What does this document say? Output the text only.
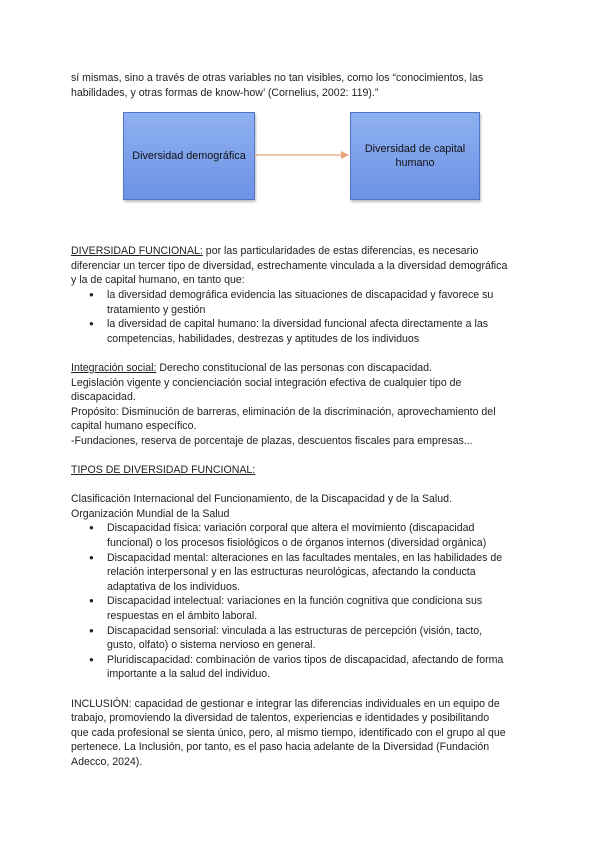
sí mismas, sino a través de otras variables no tan visibles, como los “conocimientos, las

habilidades, y otras formas de know-how’ (Cornelius, 2002: 119).”

Diversidad demográfica
Diversidad de capital
humano

DIVERSIDAD FUNCIONAL: por las particularidades de estas diferencias, es necesario

diferenciar un tercer tipo de diversidad, estrechamente vinculada a la diversidad demográfica

y la de capital humano, en tanto que:

● la diversidad demográfica evidencia las situaciones de discapacidad y favorece su
tratamiento y gestión
● la diversidad de capital humano: la diversidad funcional afecta directamente a las
competencias, habilidades, destrezas y aptitudes de los individuos

Integración social: Derecho constitucional de las personas con discapacidad.

Legislación vigente y concienciación social integración efectiva de cualquier tipo de

discapacidad.

Propósito: Disminución de barreras, eliminación de la discriminación, aprovechamiento del

capital humano específico.

-Fundaciones, reserva de porcentaje de plazas, descuentos fiscales para empresas...

TIPOS DE DIVERSIDAD FUNCIONAL:

Clasificación Internacional del Funcionamiento, de la Discapacidad y de la Salud.

Organización Mundial de la Salud

● Discapacidad física: variación corporal que altera el movimiento (discapacidad
funcional) o los procesos fisiológicos o de órganos internos (diversidad orgánica)
● Discapacidad mental: alteraciones en las facultades mentales, en las habilidades de
relación interpersonal y en las estructuras neurológicas, afectando la conducta
adaptativa de los individuos.
● Discapacidad intelectual: variaciones en la función cognitiva que condiciona sus
respuestas en el ámbito laboral.
● Discapacidad sensorial: vinculada a las estructuras de percepción (visión, tacto,
gusto, olfato) o sistema nervioso en general.
● Pluridiscapacidad: combinación de varios tipos de discapacidad, afectando de forma
importante a la salud del individuo.

INCLUSIÓN: capacidad de gestionar e integrar las diferencias individuales en un equipo de

trabajo, promoviendo la diversidad de talentos, experiencias e identidades y posibilitando

que cada profesional se sienta único, pero, al mismo tiempo, identificado con el grupo al que

pertenece. La Inclusión, por tanto, es el paso hacia adelante de la Diversidad (Fundación

Adecco, 2024).
